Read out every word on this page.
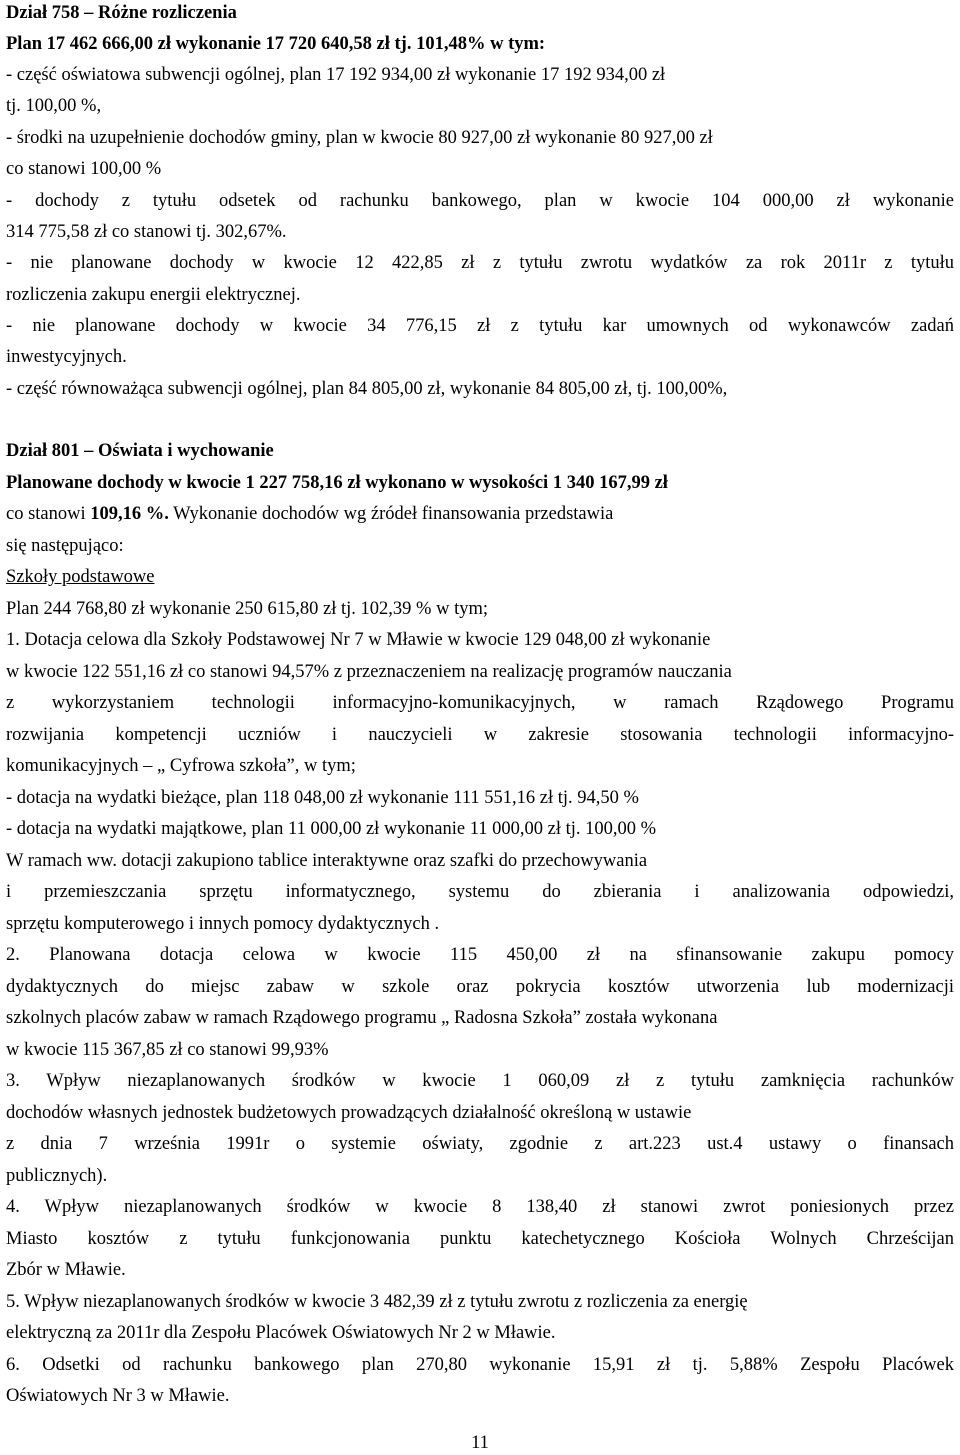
Dział 758 – Różne rozliczenia
Plan 17 462 666,00 zł wykonanie 17 720 640,58 zł tj. 101,48% w tym:
- część oświatowa subwencji ogólnej, plan 17 192 934,00 zł wykonanie 17 192 934,00 zł
tj. 100,00 %,
- środki na uzupełnienie dochodów gminy, plan w kwocie 80 927,00 zł wykonanie 80 927,00 zł
co stanowi 100,00 %
- dochody z tytułu odsetek od rachunku bankowego, plan w kwocie 104 000,00 zł wykonanie
314 775,58 zł co stanowi tj. 302,67%.
- nie planowane dochody w kwocie 12 422,85 zł z tytułu zwrotu wydatków za rok 2011r z tytułu
rozliczenia zakupu energii elektrycznej.
- nie planowane dochody w kwocie 34 776,15 zł z tytułu kar umownych od wykonawców zadań
inwestycyjnych.
- część równoważąca subwencji ogólnej, plan 84 805,00 zł, wykonanie 84 805,00 zł, tj. 100,00%,
Dział 801 – Oświata i wychowanie
Planowane dochody w kwocie 1 227 758,16 zł wykonano w wysokości 1 340 167,99 zł
co stanowi 109,16 %. Wykonanie dochodów wg źródeł finansowania przedstawia
się następująco:
Szkoły podstawowe
Plan 244 768,80 zł wykonanie 250 615,80 zł tj. 102,39 % w tym;
1. Dotacja celowa dla Szkoły Podstawowej Nr 7 w Mławie w kwocie 129 048,00 zł wykonanie
w kwocie 122 551,16 zł co stanowi 94,57% z przeznaczeniem na realizację programów nauczania
z wykorzystaniem technologii informacyjno-komunikacyjnych, w ramach Rządowego Programu
rozwijania kompetencji uczniów i nauczycieli w zakresie stosowania technologii informacyjno-
komunikacyjnych – „ Cyfrowa szkoła”, w tym;
- dotacja na wydatki bieżące, plan 118 048,00 zł wykonanie 111 551,16 zł tj. 94,50 %
- dotacja na wydatki majątkowe, plan 11 000,00 zł wykonanie 11 000,00 zł tj. 100,00 %
W ramach ww. dotacji zakupiono tablice interaktywne oraz szafki do przechowywania
i przemieszczania sprzętu informatycznego, systemu do zbierania i analizowania odpowiedzi,
sprzętu komputerowego i innych pomocy dydaktycznych .
2. Planowana dotacja celowa w kwocie 115 450,00 zł na sfinansowanie zakupu pomocy
dydaktycznych do miejsc zabaw w szkole oraz pokrycia kosztów utworzenia lub modernizacji
szkolnych placów zabaw w ramach Rządowego programu „ Radosna Szkoła” została wykonana
w kwocie 115 367,85 zł co stanowi 99,93%
3. Wpływ niezaplanowanych środków w kwocie 1 060,09 zł z tytułu zamknięcia rachunków
dochodów własnych jednostek budżetowych prowadzących działalność określoną w ustawie
z dnia 7 września 1991r o systemie oświaty, zgodnie z art.223 ust.4 ustawy o finansach
publicznych).
4. Wpływ niezaplanowanych środków w kwocie 8 138,40 zł stanowi zwrot poniesionych przez
Miasto kosztów z tytułu funkcjonowania punktu katechetycznego Kościoła Wolnych Chrześcijan
Zbór w Mławie.
5. Wpływ niezaplanowanych środków w kwocie 3 482,39 zł z tytułu zwrotu z rozliczenia za energię
elektryczną za 2011r dla Zespołu Placówek Oświatowych Nr 2 w Mławie.
6. Odsetki od rachunku bankowego plan 270,80 wykonanie 15,91 zł tj. 5,88% Zespołu Placówek
Oświatowych Nr 3 w Mławie.
11
